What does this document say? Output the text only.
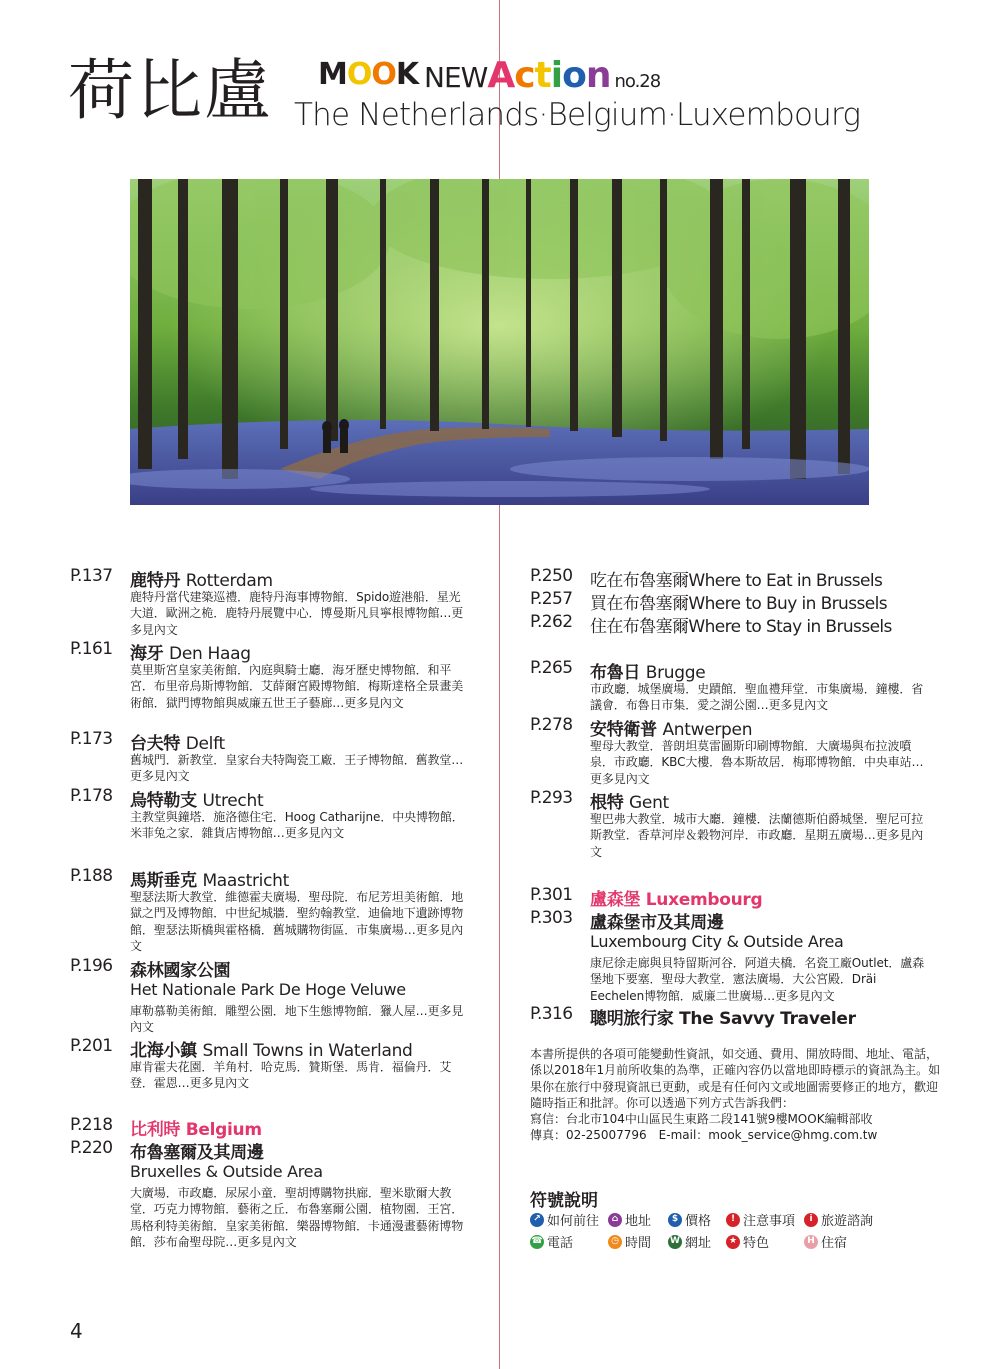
荷比盧 MOOK NEWAction no.28
The Netherlands·Belgium·Luxembourg
P.137 鹿特丹 Rotterdam
鹿特丹當代建築巡禮．鹿特丹海事博物館．Spido遊港船．星光大道．歐洲之桅．鹿特丹展覽中心．博曼斯凡貝寧根博物館…更多見內文
P.161 海牙 Den Haag
莫里斯宮皇家美術館．內庭與騎士廳．海牙歷史博物館．和平宮．布里帝烏斯博物館．艾薛爾宮殿博物館．梅斯達格全景畫美術館．獄門博物館與威廉五世王子藝廊…更多見內文
P.173 台夫特 Delft
舊城門．新教堂．皇家台夫特陶瓷工廠．王子博物館．舊教堂…更多見內文
P.178 烏特勒支 Utrecht
主教堂與鐘塔．施洛德住宅．Hoog Catharijne．中央博物館．米菲兔之家．雜貨店博物館…更多見內文
P.188 馬斯垂克 Maastricht
聖瑟法斯大教堂．維德霍夫廣場．聖母院．布尼芳坦美術館．地獄之門及博物館．中世紀城牆．聖約翰教堂．迪倫地下遺跡博物館．聖瑟法斯橋與霍格橋．舊城購物街區．市集廣場…更多見內文
P.196 森林國家公園
Het Nationale Park De Hoge Veluwe
庫勒慕勒美術館．雕塑公園．地下生態博物館．獵人屋…更多見內文
P.201 北海小鎮 Small Towns in Waterland
庫肯霍夫花園．羊角村．哈克馬．贊斯堡．馬肯．福倫丹．艾登．霍恩…更多見內文
P.218 比利時 Belgium
P.220 布魯塞爾及其周邊
Bruxelles & Outside Area
大廣場．市政廳．尿尿小童．聖胡博購物拱廊．聖米歇爾大教堂．巧克力博物館．藝術之丘．布魯塞爾公園．植物園．王宮．馬格利特美術館．皇家美術館．樂器博物館．卡通漫畫藝術博物館．莎布侖聖母院…更多見內文
P.250 吃在布魯塞爾Where to Eat in Brussels
P.257 買在布魯塞爾Where to Buy in Brussels
P.262 住在布魯塞爾Where to Stay in Brussels
P.265 布魯日 Brugge
市政廳．城堡廣場．史蹟館．聖血禮拜堂．市集廣場．鐘樓．省議會．布魯日市集．愛之湖公園…更多見內文
P.278 安特衛普 Antwerpen
聖母大教堂．普朗坦莫雷圖斯印刷博物館．大廣場與布拉波噴泉．市政廳．KBC大樓．魯本斯故居．梅耶博物館．中央車站…更多見內文
P.293 根特 Gent
聖巴弗大教堂．城市大廳．鐘樓．法蘭德斯伯爵城堡．聖尼可拉斯教堂．香草河岸＆穀物河岸．市政廳．星期五廣場…更多見內文
P.301 盧森堡 Luxembourg
P.303 盧森堡市及其周邊
Luxembourg City & Outside Area
康尼徐走廊與貝特留斯河谷．阿道夫橋．名瓷工廠Outlet．盧森堡地下要塞．聖母大教堂．憲法廣場．大公宮殿．Dräi Eechelen博物館．威廉二世廣場…更多見內文
P.316 聰明旅行家 The Savvy Traveler
本書所提供的各項可能變動性資訊，如交通、費用、開放時間、地址、電話，係以2018年1月前所收集的為準，正確內容仍以當地即時標示的資訊為主。如果你在旅行中發現資訊已更動，或是有任何內文或地圖需要修正的地方，歡迎隨時指正和批評。你可以透過下列方式告訴我們：
寫信：台北市104中山區民生東路二段141號9樓MOOK編輯部收
傳真：02-25007796　E-mail：mook_service@hmg.com.tw
符號說明
↗ 如何前往	⌂ 地址	$ 價格	! 注意事項	i 旅遊諮詢
☎ 電話	◷ 時間 W 網址	★ 特色	H 住宿
4
